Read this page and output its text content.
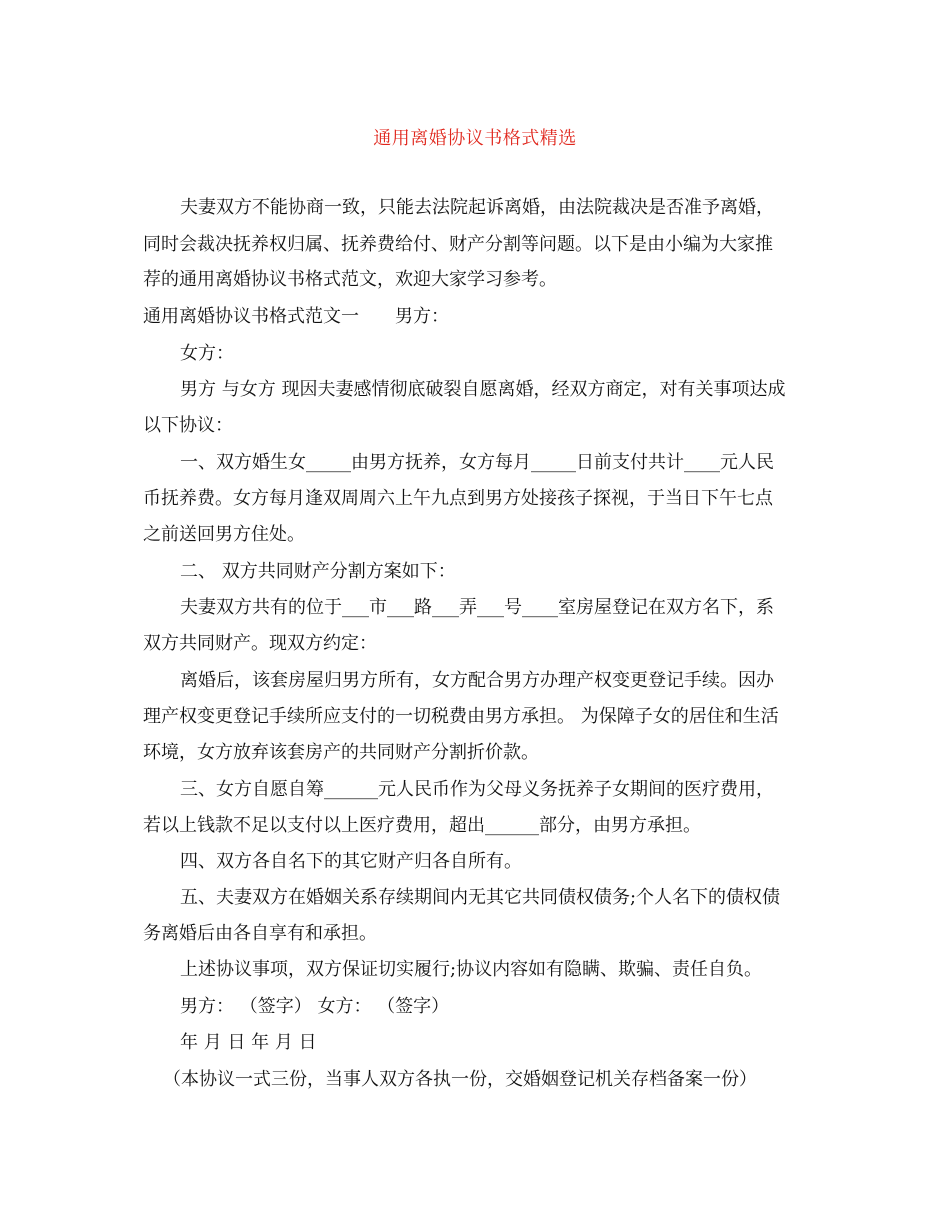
通用离婚协议书格式精选
夫妻双方不能协商一致，只能去法院起诉离婚，由法院裁决是否准予离婚，
同时会裁决抚养权归属、抚养费给付、财产分割等问题。以下是由小编为大家推
荐的通用离婚协议书格式范文，欢迎大家学习参考。
通用离婚协议书格式范文一　　男方：
女方：
男方 与女方 现因夫妻感情彻底破裂自愿离婚，经双方商定，对有关事项达成
以下协议：
一、双方婚生女_____由男方抚养，女方每月_____日前支付共计____元人民
币抚养费。女方每月逢双周周六上午九点到男方处接孩子探视，于当日下午七点
之前送回男方住处。
二、 双方共同财产分割方案如下：
夫妻双方共有的位于___市___路___弄___号____室房屋登记在双方名下，系
双方共同财产。现双方约定：
离婚后，该套房屋归男方所有，女方配合男方办理产权变更登记手续。因办
理产权变更登记手续所应支付的一切税费由男方承担。 为保障子女的居住和生活
环境，女方放弃该套房产的共同财产分割折价款。
三、女方自愿自筹______元人民币作为父母义务抚养子女期间的医疗费用，
若以上钱款不足以支付以上医疗费用，超出______部分，由男方承担。
四、双方各自名下的其它财产归各自所有。
五、夫妻双方在婚姻关系存续期间内无其它共同债权债务;个人名下的债权债
务离婚后由各自享有和承担。
上述协议事项，双方保证切实履行;协议内容如有隐瞒、欺骗、责任自负。
男方： （签字） 女方： （签字）
年 月 日 年 月 日
（本协议一式三份，当事人双方各执一份，交婚姻登记机关存档备案一份）
